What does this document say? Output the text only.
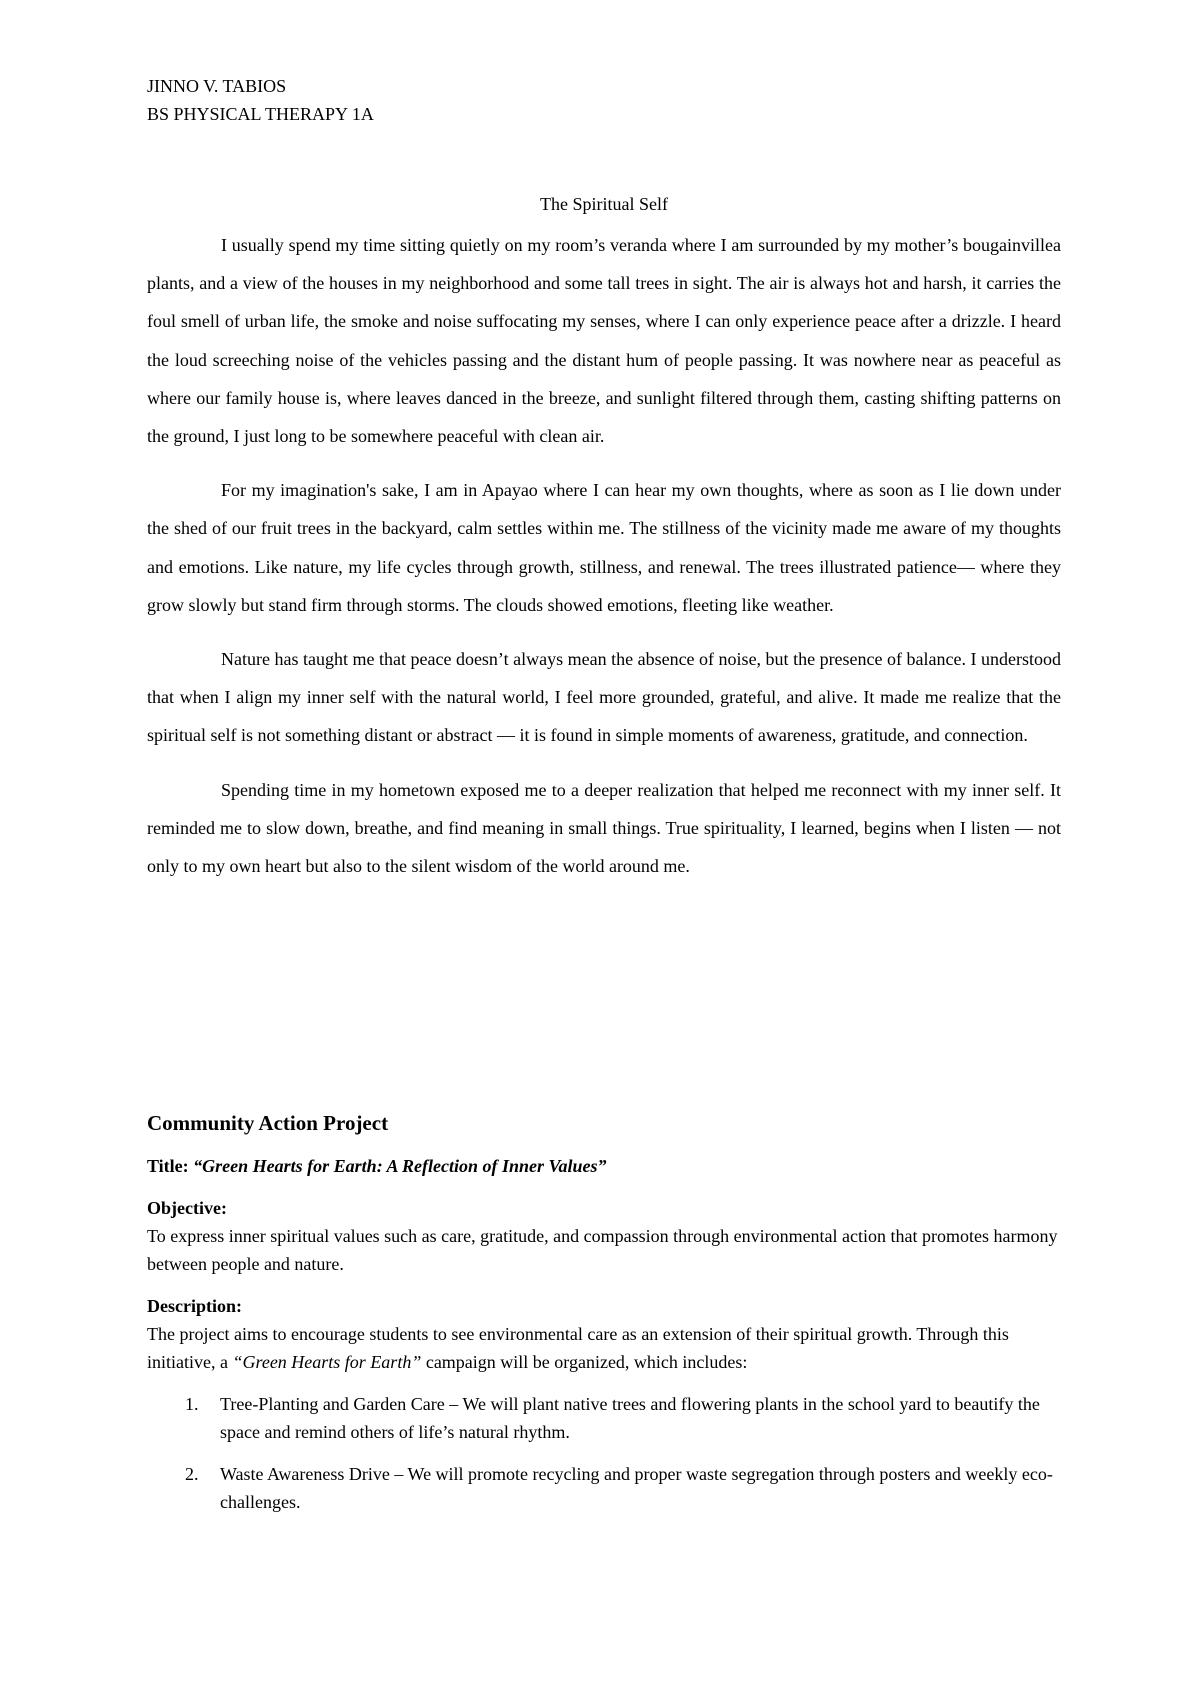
JINNO V. TABIOS
BS PHYSICAL THERAPY 1A
The Spiritual Self

I usually spend my time sitting quietly on my room’s veranda where I am surrounded by my mother’s bougainvillea plants, and a view of the houses in my neighborhood and some tall trees in sight. The air is always hot and harsh, it carries the foul smell of urban life, the smoke and noise suffocating my senses, where I can only experience peace after a drizzle. I heard the loud screeching noise of the vehicles passing and the distant hum of people passing. It was nowhere near as peaceful as where our family house is, where leaves danced in the breeze, and sunlight filtered through them, casting shifting patterns on the ground, I just long to be somewhere peaceful with clean air.

For my imagination's sake, I am in Apayao where I can hear my own thoughts, where as soon as I lie down under the shed of our fruit trees in the backyard, calm settles within me. The stillness of the vicinity made me aware of my thoughts and emotions. Like nature, my life cycles through growth, stillness, and renewal. The trees illustrated patience— where they grow slowly but stand firm through storms. The clouds showed emotions, fleeting like weather.

Nature has taught me that peace doesn’t always mean the absence of noise, but the presence of balance. I understood that when I align my inner self with the natural world, I feel more grounded, grateful, and alive. It made me realize that the spiritual self is not something distant or abstract — it is found in simple moments of awareness, gratitude, and connection.

Spending time in my hometown exposed me to a deeper realization that helped me reconnect with my inner self. It reminded me to slow down, breathe, and find meaning in small things. True spirituality, I learned, begins when I listen — not only to my own heart but also to the silent wisdom of the world around me.

Community Action Project
Title: “Green Hearts for Earth: A Reflection of Inner Values”
Objective:
To express inner spiritual values such as care, gratitude, and compassion through environmental action that promotes harmony between people and nature.
Description:
The project aims to encourage students to see environmental care as an extension of their spiritual growth. Through this initiative, a “Green Hearts for Earth” campaign will be organized, which includes:
1. Tree-Planting and Garden Care – We will plant native trees and flowering plants in the school yard to beautify the space and remind others of life’s natural rhythm.
2. Waste Awareness Drive – We will promote recycling and proper waste segregation through posters and weekly eco-challenges.
